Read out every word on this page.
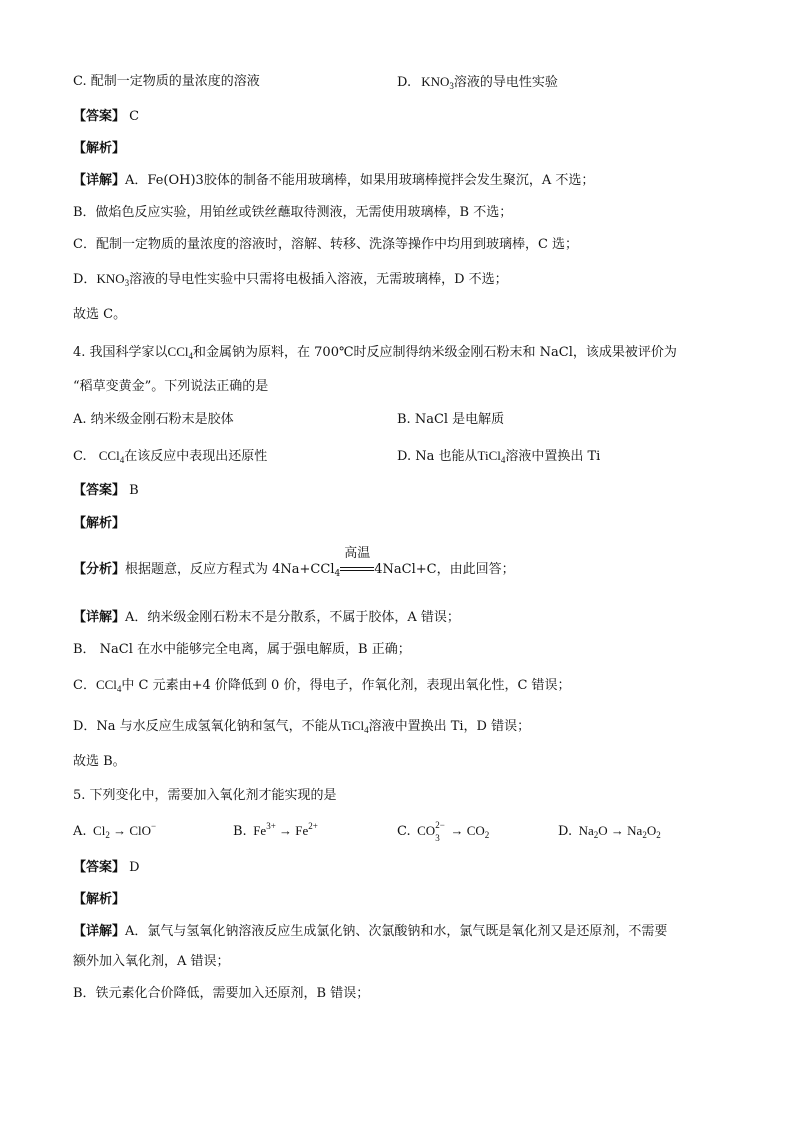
C. 配制一定物质的量浓度的溶液	D. $KNO_3$溶液的导电性实验
【答案】 C
【解析】
【详解】A．Fe(OH)3胶体的制备不能用玻璃棒，如果用玻璃棒搅拌会发生聚沉，A 不选；
B．做焰色反应实验，用铂丝或铁丝蘸取待测液，无需使用玻璃棒，B 不选；
C．配制一定物质的量浓度的溶液时，溶解、转移、洗涤等操作中均用到玻璃棒，C 选；
D．$KNO_3$溶液的导电性实验中只需将电极插入溶液，无需玻璃棒，D 不选；
故选 C。
4. 我国科学家以CCl$_4$和金属钠为原料，在 700℃时反应制得纳米级金刚石粉末和 NaCl，该成果被评价为
“稻草变黄金”。下列说法正确的是
A. 纳米级金刚石粉末是胶体	B. NaCl 是电解质
C. CCl$_4$在该反应中表现出还原性	D. Na 也能从TiCl$_4$溶液中置换出 Ti
【答案】 B
【解析】
【分析】根据题意，反应方程式为 4Na+CCl$_4$
高温
4NaCl+C，由此回答；
【详解】A．纳米级金刚石粉末不是分散系，不属于胶体，A 错误；
B． NaCl 在水中能够完全电离，属于强电解质，B 正确；
C．CCl$_4$中 C 元素由+4 价降低到 0 价，得电子，作氧化剂，表现出氧化性，C 错误；
D．Na 与水反应生成氢氧化钠和氢气，不能从TiCl$_4$溶液中置换出 Ti，D 错误；
故选 B。
5. 下列变化中，需要加入氧化剂才能实现的是
A.  $Cl_2 \to ClO^-$	B.  $Fe^{3+} \to Fe^{2+}$	C.  CO 2−
$3 \to CO_2$	D.  $Na_2O \to Na_2O_2$
【答案】 D
【解析】
【详解】A．氯气与氢氧化钠溶液反应生成氯化钠、次氯酸钠和水，氯气既是氧化剂又是还原剂，不需要
额外加入氧化剂，A 错误；
B．铁元素化合价降低，需要加入还原剂，B 错误；
